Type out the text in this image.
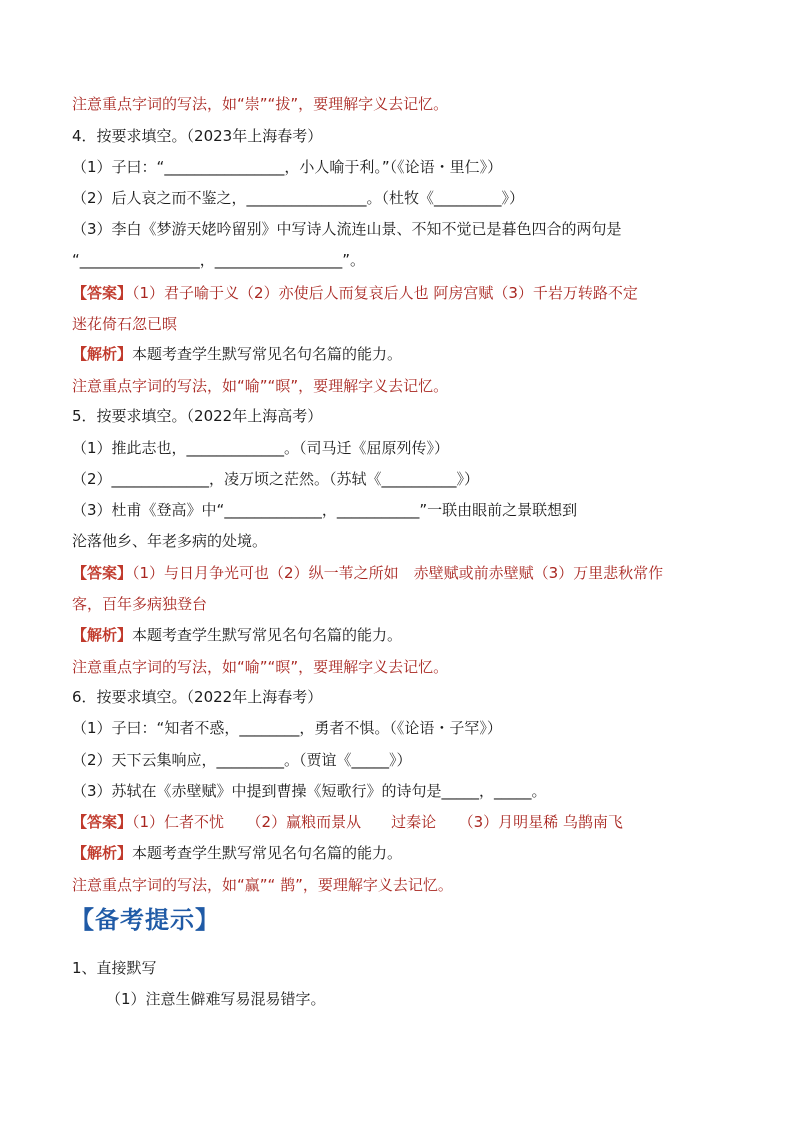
注意重点字词的写法，如“崇”“拔”，要理解字义去记忆。
4．按要求填空。（2023年上海春考）
（1）子曰：“________________，小人喻于利。”（《论语・里仁》）
（2）后人哀之而不鉴之，________________。（杜牧《_________》）
（3）李白《梦游天姥吟留别》中写诗人流连山景、不知不觉已是暮色四合的两句是
“________________，_________________”。
【答案】（1）君子喻于义（2）亦使后人而复哀后人也 阿房宫赋（3）千岩万转路不定
迷花倚石忽已暝
【解析】本题考查学生默写常见名句名篇的能力。
注意重点字词的写法，如“喻”“暝”，要理解字义去记忆。
5．按要求填空。（2022年上海高考）
（1）推此志也，_____________。（司马迁《屈原列传》）
（2）_____________，凌万顷之茫然。（苏轼《__________》）
（3）杜甫《登高》中“_____________，___________”一联由眼前之景联想到
沦落他乡、年老多病的处境。
【答案】（1）与日月争光可也（2）纵一苇之所如　赤壁赋或前赤壁赋（3）万里悲秋常作
客，百年多病独登台
【解析】本题考查学生默写常见名句名篇的能力。
注意重点字词的写法，如“喻”“暝”，要理解字义去记忆。
6．按要求填空。（2022年上海春考）
（1）子曰：“知者不惑，________，勇者不惧。（《论语・子罕》）
（2）天下云集响应，_________。（贾谊《_____》）
（3）苏轼在《赤壁赋》中提到曹操《短歌行》的诗句是_____，_____。
【答案】（1）仁者不忧　　（2）赢粮而景从　　过秦论　　（3）月明星稀 乌鹊南飞
【解析】本题考查学生默写常见名句名篇的能力。
注意重点字词的写法，如“赢”“ 鹊”，要理解字义去记忆。
1、直接默写
（1）注意生僻难写易混易错字。
【备考提示】
